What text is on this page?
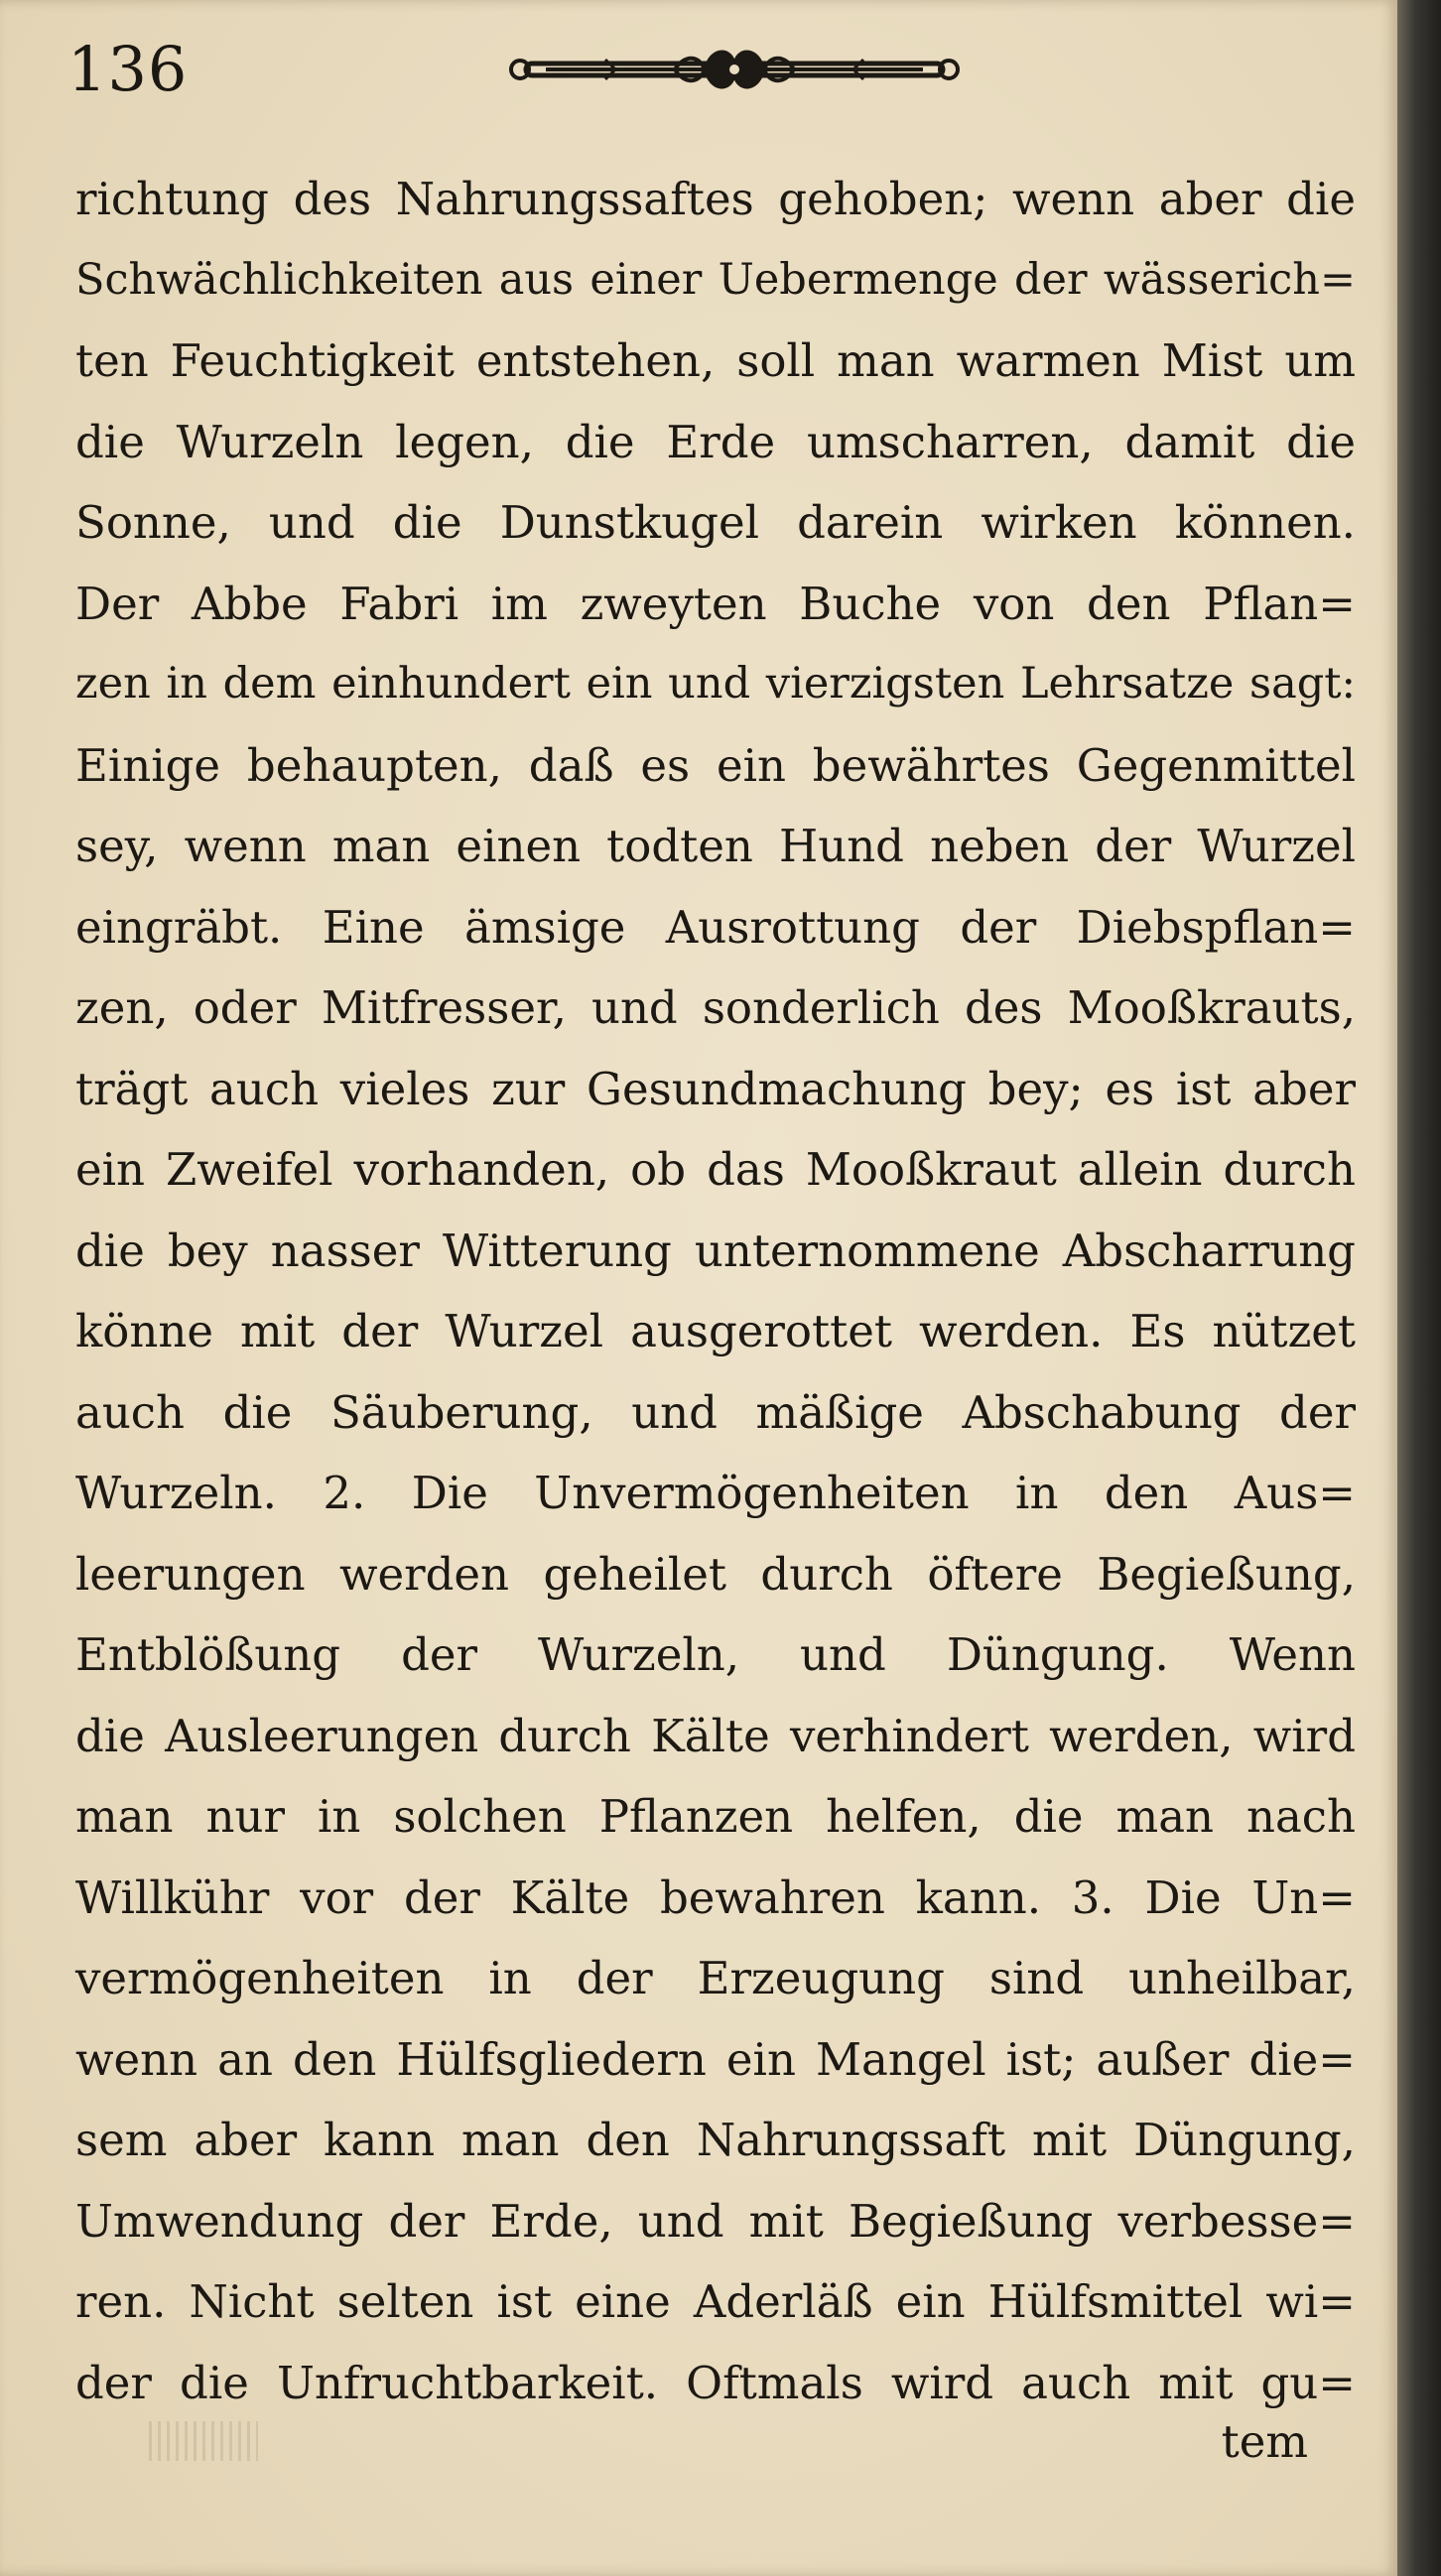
136
richtung des Nahrungssaftes gehoben; wenn aber die
Schwächlichkeiten aus einer Uebermenge der wässerich=
ten Feuchtigkeit entstehen, soll man warmen Mist um
die Wurzeln legen, die Erde umscharren, damit die
Sonne, und die Dunstkugel darein wirken können.
Der Abbe Fabri im zweyten Buche von den Pflan=
zen in dem einhundert ein und vierzigsten Lehrsatze sagt:
Einige behaupten, daß es ein bewährtes Gegenmittel
sey, wenn man einen todten Hund neben der Wurzel
eingräbt. Eine ämsige Ausrottung der Diebspflan=
zen, oder Mitfresser, und sonderlich des Mooßkrauts,
trägt auch vieles zur Gesundmachung bey; es ist aber
ein Zweifel vorhanden, ob das Mooßkraut allein durch
die bey nasser Witterung unternommene Abscharrung
könne mit der Wurzel ausgerottet werden. Es nützet
auch die Säuberung, und mäßige Abschabung der
Wurzeln. 2. Die Unvermögenheiten in den Aus=
leerungen werden geheilet durch öftere Begießung,
Entblößung der Wurzeln, und Düngung. Wenn
die Ausleerungen durch Kälte verhindert werden, wird
man nur in solchen Pflanzen helfen, die man nach
Willkühr vor der Kälte bewahren kann. 3. Die Un=
vermögenheiten in der Erzeugung sind unheilbar,
wenn an den Hülfsgliedern ein Mangel ist; außer die=
sem aber kann man den Nahrungssaft mit Düngung,
Umwendung der Erde, und mit Begießung verbesse=
ren. Nicht selten ist eine Aderläß ein Hülfsmittel wi=
der die Unfruchtbarkeit. Oftmals wird auch mit gu=
tem
